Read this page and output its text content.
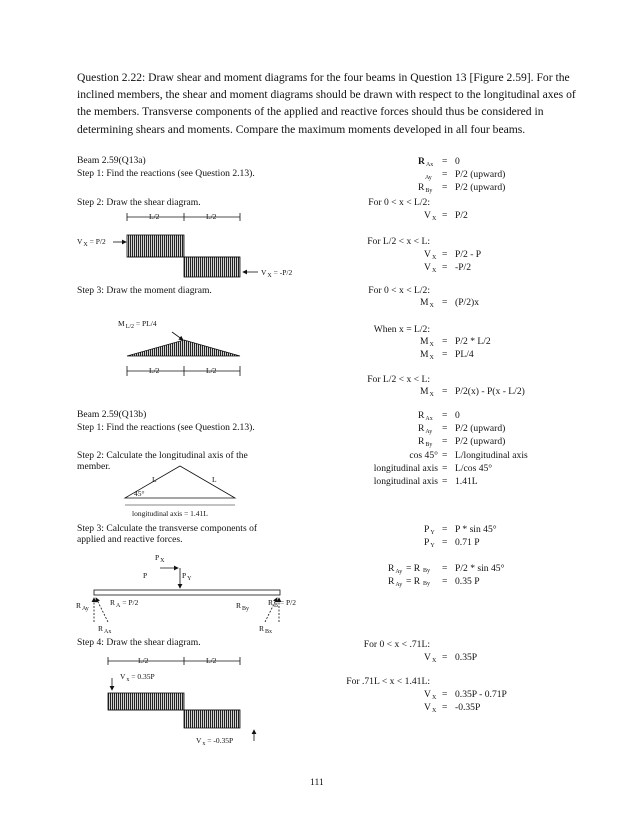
Question 2.22: Draw shear and moment diagrams for the four beams in Question 13 [Figure 2.59]. For the inclined members, the shear and moment diagrams should be drawn with respect to the longitudinal axes of the members. Transverse components of the applied and reactive forces should thus be considered in determining shears and moments. Compare the maximum moments developed in all four beams.
Beam 2.59(Q13a)
Step 1: Find the reactions (see Question 2.13).
Step 2: Draw the shear diagram.
Step 3: Draw the moment diagram.
L/2	L/2
$V_X = P/2$
$V_X = -P/2$
$M_{L/2} = PL/4$
L/2	L/2
$R_{Ax} = 0$
$_{Ay}$ = P/2 (upward)
$R_{By} = P/2$ (upward)
For 0 < x < L/2:
$V_X = P/2$
For L/2 < x < L:
$V_X = P/2 - P$
$V_X = -P/2$
For 0 < x < L/2:
$M_X = (P/2)x$
When x = L/2:
$M_X = P/2 * L/2$
$M_X = PL/4$
For L/2 < x < L:
$M_X = P/2(x) - P(x - L/2)$
Beam 2.59(Q13b)
Step 1: Find the reactions (see Question 2.13).
Step 2: Calculate the longitudinal axis of the member.
Step 3: Calculate the transverse components of applied and reactive forces.
Step 4: Draw the shear diagram.
L	L
45°
longitudinal axis = 1.41L
$P_X$
P	$P_Y$
$R_{Ay}$
$R_A = P/2$
$R_{Ax}$
$R_{By}$
$R_B = P/2$
$R_{Bx}$
L/2	L/2
$V_x = 0.35P$
$V_x = -0.35P$
$R_{Ax} = 0$
$R_{Ay} = P/2$ (upward)
$R_{By} = P/2$ (upward)
cos 45° = L/longitudinal axis
longitudinal axis = L/cos 45°
longitudinal axis = 1.41L
$P_Y = P * \sin 45^\circ$
$P_Y = 0.71$ P
$R_{Ay} = R$ By = P/2 * sin 45°
$R_{Ay} = R$ By = 0.35 P
For 0 < x < .71L:
$V_X = 0.35P$
For .71L < x < 1.41L:
$V_X = 0.35P - 0.71P$
$V_X = -0.35P$
111
